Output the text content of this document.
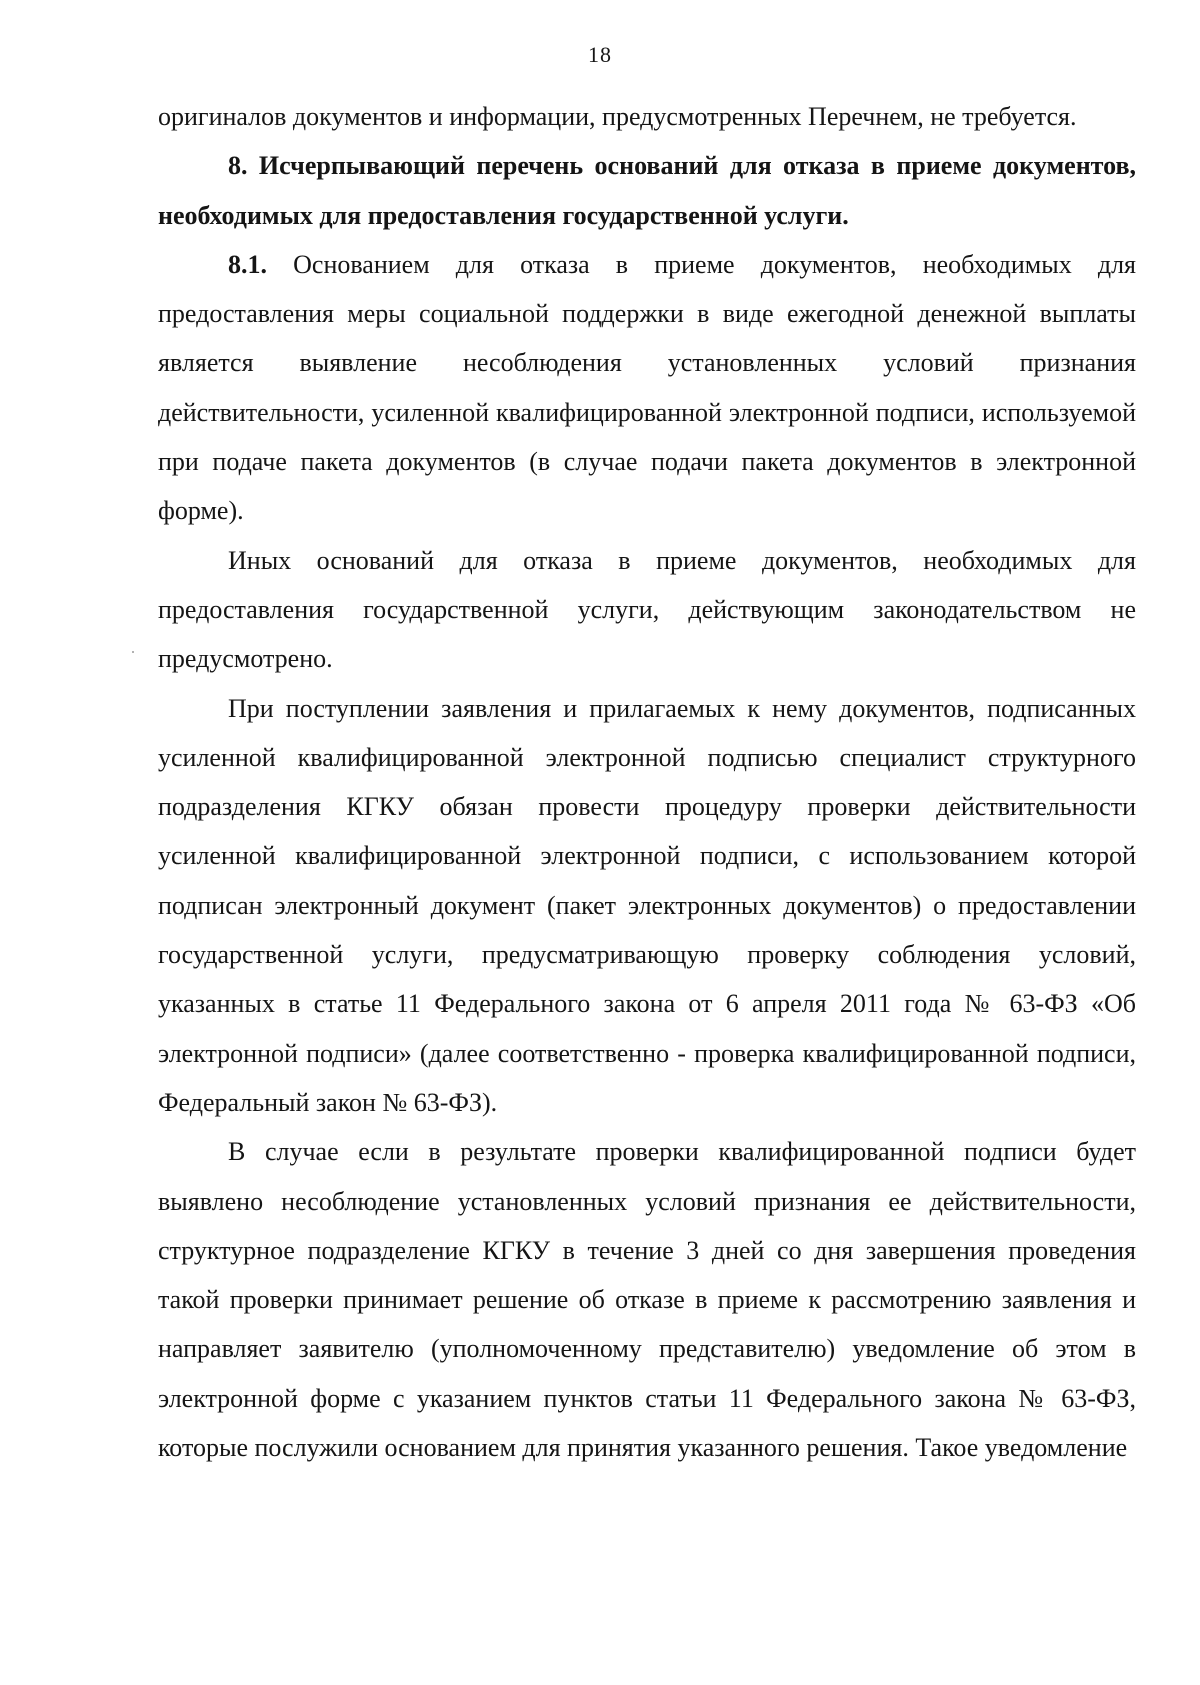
18

оригиналов документов и информации, предусмотренных Перечнем, не требуется.

8. Исчерпывающий перечень оснований для отказа в приеме документов, необходимых для предоставления государственной услуги.

8.1. Основанием для отказа в приеме документов, необходимых для предоставления меры социальной поддержки в виде ежегодной денежной выплаты является выявление несоблюдения установленных условий признания действительности, усиленной квалифицированной электронной подписи, используемой при подаче пакета документов (в случае подачи пакета документов в электронной форме).

Иных оснований для отказа в приеме документов, необходимых для предоставления государственной услуги, действующим законодательством не предусмотрено.

При поступлении заявления и прилагаемых к нему документов, подписанных усиленной квалифицированной электронной подписью специалист структурного подразделения КГКУ обязан провести процедуру проверки действительности усиленной квалифицированной электронной подписи, с использованием которой подписан электронный документ (пакет электронных документов) о предоставлении государственной услуги, предусматривающую проверку соблюдения условий, указанных в статье 11 Федерального закона от 6 апреля 2011 года № 63-ФЗ «Об электронной подписи» (далее соответственно - проверка квалифицированной подписи, Федеральный закон № 63-ФЗ).

В случае если в результате проверки квалифицированной подписи будет выявлено несоблюдение установленных условий признания ее действительности, структурное подразделение КГКУ в течение 3 дней со дня завершения проведения такой проверки принимает решение об отказе в приеме к рассмотрению заявления и направляет заявителю (уполномоченному представителю) уведомление об этом в электронной форме с указанием пунктов статьи 11 Федерального закона № 63-ФЗ, которые послужили основанием для принятия указанного решения. Такое уведомление
